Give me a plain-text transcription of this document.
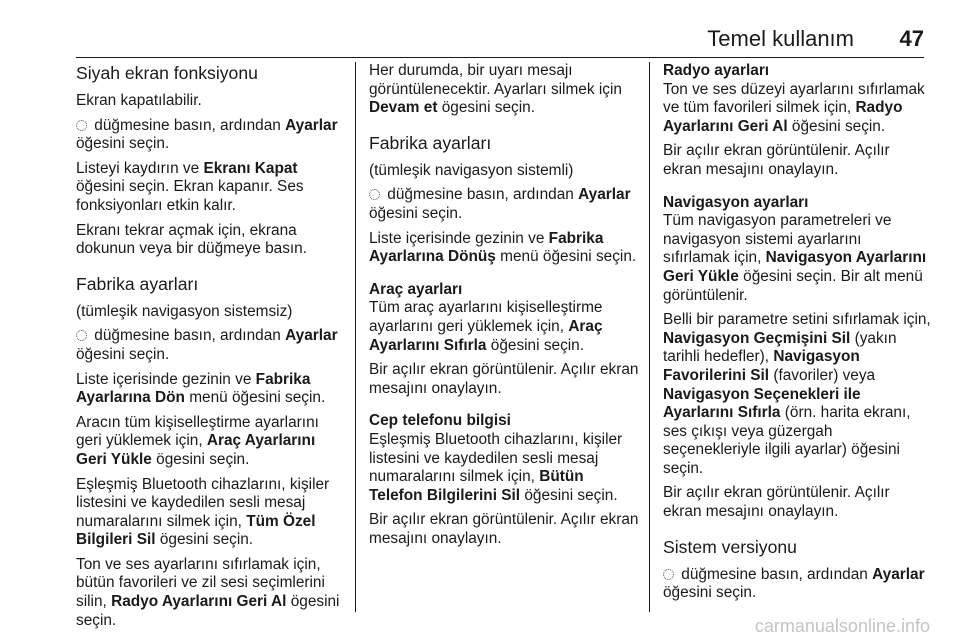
Temel kullanım 47
Siyah ekran fonksiyonu

Ekran kapatılabilir.

düğmesine basın, ardından Ayarlar öğesini seçin.

Listeyi kaydırın ve Ekranı Kapat öğesini seçin. Ekran kapanır. Ses fonksiyonları etkin kalır.

Ekranı tekrar açmak için, ekrana dokunun veya bir düğmeye basın.

Fabrika ayarları

(tümleşik navigasyon sistemsiz)

düğmesine basın, ardından Ayarlar öğesini seçin.

Liste içerisinde gezinin ve Fabrika Ayarlarına Dön menü öğesini seçin.

Aracın tüm kişiselleştirme ayarlarını geri yüklemek için, Araç Ayarlarını Geri Yükle ögesini seçin.

Eşleşmiş Bluetooth cihazlarını, kişiler listesini ve kaydedilen sesli mesaj numaralarını silmek için, Tüm Özel Bilgileri Sil ögesini seçin.

Ton ve ses ayarlarını sıfırlamak için, bütün favorileri ve zil sesi seçimlerini silin, Radyo Ayarlarını Geri Al ögesini seçin.

Her durumda, bir uyarı mesajı görüntülenecektir. Ayarları silmek için Devam et ögesini seçin.

Fabrika ayarları

(tümleşik navigasyon sistemli)

düğmesine basın, ardından Ayarlar öğesini seçin.

Liste içerisinde gezinin ve Fabrika Ayarlarına Dönüş menü öğesini seçin.

Araç ayarları

Tüm araç ayarlarını kişiselleştirme ayarlarını geri yüklemek için, Araç Ayarlarını Sıfırla öğesini seçin.

Bir açılır ekran görüntülenir. Açılır ekran mesajını onaylayın.

Cep telefonu bilgisi

Eşleşmiş Bluetooth cihazlarını, kişiler listesini ve kaydedilen sesli mesaj numaralarını silmek için, Bütün Telefon Bilgilerini Sil öğesini seçin.

Bir açılır ekran görüntülenir. Açılır ekran mesajını onaylayın.

Radyo ayarları

Ton ve ses düzeyi ayarlarını sıfırlamak ve tüm favorileri silmek için, Radyo Ayarlarını Geri Al öğesini seçin.

Bir açılır ekran görüntülenir. Açılır ekran mesajını onaylayın.

Navigasyon ayarları

Tüm navigasyon parametreleri ve navigasyon sistemi ayarlarını sıfırlamak için, Navigasyon Ayarlarını Geri Yükle öğesini seçin. Bir alt menü görüntülenir.

Belli bir parametre setini sıfırlamak için, Navigasyon Geçmişini Sil (yakın tarihli hedefler), Navigasyon Favorilerini Sil (favoriler) veya Navigasyon Seçenekleri ile Ayarlarını Sıfırla (örn. harita ekranı, ses çıkışı veya güzergah seçenekleriyle ilgili ayarlar) öğesini seçin.

Bir açılır ekran görüntülenir. Açılır ekran mesajını onaylayın.

Sistem versiyonu

düğmesine basın, ardından Ayarlar öğesini seçin.

carmanualsonline.info
